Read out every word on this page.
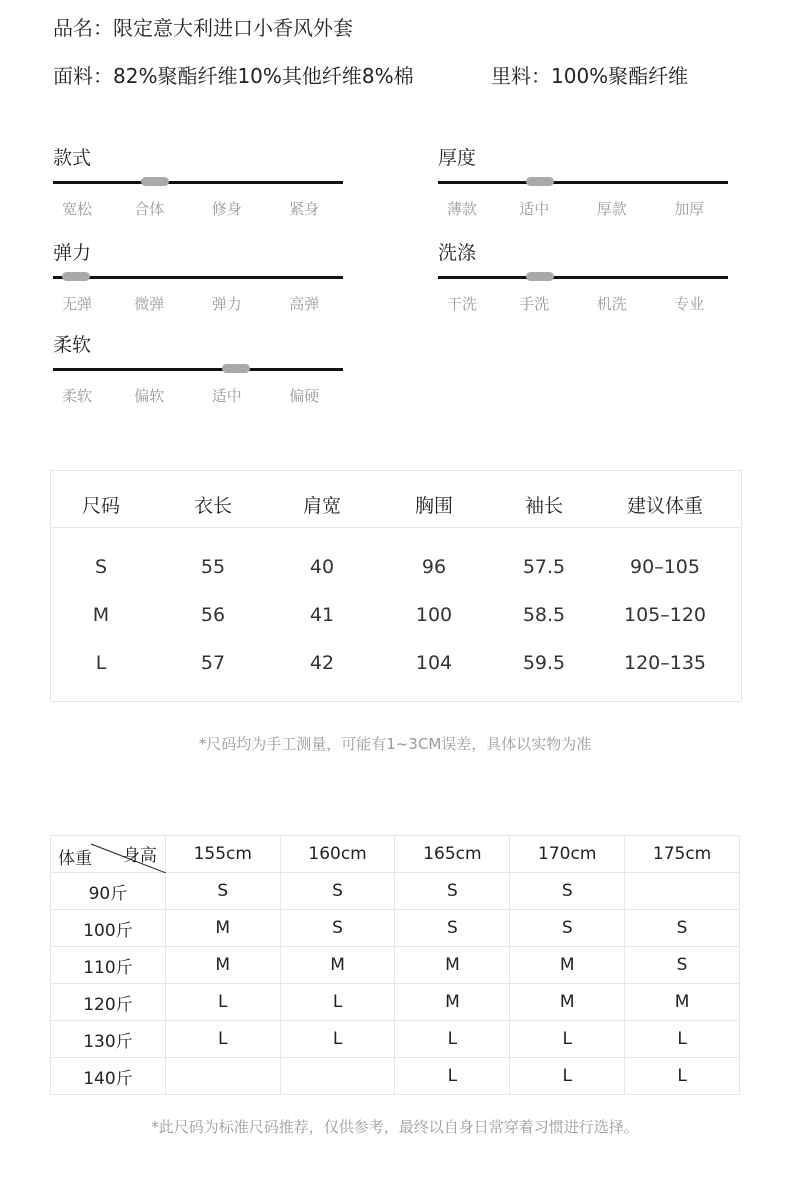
品名：限定意大利进口小香风外套
面料：82%聚酯纤维10%其他纤维8%棉	里料：100%聚酯纤维
款式
宽松	合体	修身	紧身
厚度
薄款	适中	厚款	加厚
弹力
无弹	微弹	弹力	高弹
洗涤
干洗	手洗	机洗	专业
柔软
柔软	偏软	适中	偏硬
尺码	衣长	肩宽	胸围	袖长	建议体重
S	55	40	96	57.5	90–105
M	56	41	100	58.5	105–120
L	57	42	104	59.5	120–135
*尺码均为手工测量，可能有1~3CM误差，具体以实物为准
身高
体重	155cm	160cm	165cm	170cm	175cm
90斤	S	S	S	S	
100斤	M	S	S	S	S
110斤	M	M	M	M	S
120斤	L	L	M	M	M
130斤	L	L	L	L	L
140斤			L	L	L
*此尺码为标准尺码推荐，仅供参考，最终以自身日常穿着习惯进行选择。
